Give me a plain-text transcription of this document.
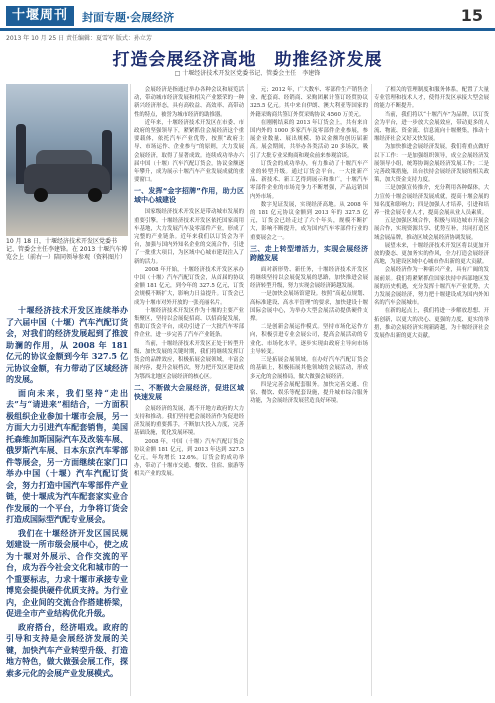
十堰周刊	封面专题·会展经济	15
2013 年 10 月 25 日 责任编辑：夏雪军 版式：孙立芳
打造会展经济高地　助推经济发展
□ 十堰经济技术开发区党委书记、管委会主任　李建锋
10 月 18 日，十堰经济技术开发区党委书记、管委会主任李建锋。在 2013 十堰汽车博览会上（前右一）陪同领导参观（资料图片）

十堰经济技术开发区连续举办了六届中国（十堰）汽车汽配订货会，对我们的经济发展起到了推波助澜的作用，从 2008 年 181 亿元的协议金额到今年 327.5 亿元协议金额，有力带动了区域经济的发展。

面向未来，我们坚持“走出去”与“请进来”相结合，一方面积极组织企业参加十堰市会展，另一方面大力引进汽车配套销售，美国托森维加斯国际汽车及改装车展、俄罗斯汽车展、日本东京汽车零部件等展会，另一方面继续在家门口举办中国（十堰）汽车汽配订货会，努力打造中国汽车零部件产业链，使十堰成为汽车配套家实业合作发展的一个平台，力争将订货会打造成国际型汽配专业展会。

我们在十堰经济开发区国民规划建设一所市级会展中心，使之成为十堰对外展示、合作交流的平台，成为吞今社会文化和城市的一个重要标志，力求十堰市承接专业博览会提供硬件优质支持。为行业内，企业间的交流合作搭建桥梁，促进全市产业结构优化升级。

政府搭台，经济唱戏。政府的引导和支持是会展经济发展的关键，加快汽车产业转型升级、打造地方特色，做大做强会展工作，探索多元化的会展产业发展模式。

会展经济是指通过举办各种会议和展览活动，带动城市经济发展和相关产业繁荣的一种新兴经济形态，具有高收益、高效率、高带动性的特点，被誉为城市经济的助推器。

近年来，十堰经济技术开发区在市委、市政府的坚强领导下，紧紧抓住会展经济这个重要载体，依托汽车产业优势，按照“政府主导、市场运作、企业参与”的原则，大力发展会展经济，取得了显著成效。连续成功举办六届中国（十堰）汽车汽配订货会，协议金额逐年攀升，成为展示十堰汽车产业发展成就的重要窗口。

一、发挥“金字招牌”作用，助力区域中心城建设

国家级经济技术开发区是带动城市发展的重要引擎。十堰经济技术开发区依托国家商用车基地，大力发展汽车及零部件产业，形成了完整的产业链条。近年来我们以订货会为平台，加强与国内外知名企业的交流合作，引进了一批重大项目，为区域中心城市建设注入了新的活力。

2008 年开始，十堰经济技术开发区承办中国（十堰）汽车汽配订货会，从首届的协议金额 181 亿元，到今年的 327.5 亿元，订货会规模不断扩大，影响力日益提升。订货会已成为十堰市对外开放的一张亮丽名片。

十堰经济技术开发区作为十堰的主要产业集聚区，坚持以会展促招商、以招商促发展，借助订货会平台，成功引进了一大批汽车零部件企业，进一步完善了汽车产业链条。

当前，十堰经济技术开发区正处于转型升级、加快发展的关键时期，我们将继续发挥订货会的品牌效应，积极拓展会展领域，丰富会展内容，提升会展档次，努力把开发区建设成为鄂西北地区会展经济的核心区。

二、不断做大会展经济，促进区域快速发展

会展经济的发展，离不开地方政府的大力支持和推动。我们坚持把会展经济作为促进经济发展的重要抓手，不断加大投入力度，完善基础设施，优化发展环境。

2008 年，中国（十堰）汽车汽配订货会协议金额 181 亿元，到 2013 年达到 327.5 亿元，年均增长 12.6%。订货会的成功举办，带动了十堰市交通、餐饮、住宿、旅游等相关产业的发展。

元；2012 年，广大数车、零部件生产销售企业、配套商、经销商、采购团累计签订经贸协议 325.5 亿元。其中来自伊朗、澳大利亚等国家的外籍采购商共签订外贸采购协议 4560 万美元。

在刚刚结束的 2013 年订货会上，共有来自国内外的 1000 多家汽车及零部件企业参展，参展企业数量、展出规模、协议金额均创历届新高。展会期间，共举办各类活动 20 多场次，吸引了大批专业采购商和观众前来参观洽谈。

订货会的成功举办，有力推动了十堰汽车产业的转型升级。通过订货会平台，一大批新产品、新技术、新工艺得到展示和推广，十堰汽车零部件企业的市场竞争力不断增强，产品远销国内外市场。

数字见证发展，实现经济高地。从 2008 年的 181 亿元协议金额到 2013 年的 327.5 亿元，订货会已经走过了六个年头，规模不断扩大，影响不断提升，成为国内汽车零部件行业的重要展会之一。

三、走上转型增活力，实现会展经济跨越发展

面对新形势、新任务，十堰经济技术开发区将继续坚持以会展促发展的思路，加快推进会展经济转型升级，努力实现会展经济跨越发展。

一是加快会展场馆建设。按照“高起点规划、高标准建设、高水平管理”的要求，加快建设十堰国际会展中心，为举办大型会展活动提供硬件支撑。

二是创新会展运作模式。坚持市场化运作方向，积极引进专业会展公司，提高会展活动的专业化、市场化水平，逐步实现由政府主导向市场主导转变。

三是拓展会展领域。在办好汽车汽配订货会的基础上，积极拓展其他领域的会展活动，形成多元化的会展格局，做大做强会展经济。

四是完善会展配套服务。加快完善交通、住宿、餐饮、娱乐等配套设施，提升城市综合服务功能，为会展经济发展营造良好环境。

了相关的管理制度和服务体系，配置了大量专业管理和技术人才，使得开发区承接大型会展的能力不断提升。

当前，我们将以“十堰汽车”为品牌，以订货会为平台，进一步放大会展效应，带动更多的人流、物流、资金流、信息流向十堰聚集，推动十堰经济社会又好又快发展。

为加快推进会展经济发展，我们将重点做好以下工作：一是加强组织领导，成立会展经济发展领导小组，统筹协调会展经济发展工作；二是完善政策措施，出台扶持会展经济发展的相关政策，加大资金支持力度。

三是加强宣传推介，充分利用各种媒体，大力宣传十堰会展经济发展成就，提高十堰会展的知名度和影响力；四是加强人才培养，引进和培养一批会展专业人才，提高会展从业人员素质。

五是加强区域合作，积极与周边城市开展会展合作，实现资源共享、优势互补，共同打造区域会展品牌，推动区域会展经济协调发展。

展望未来，十堰经济技术开发区将以更加开放的姿态、更加务实的作风，全力打造会展经济高地，为建设区域中心城市作出新的更大贡献。

会展经济作为一种新兴产业，具有广阔的发展前景。我们将紧紧抓住国家扶持中西部地区发展的历史机遇，充分发挥十堰汽车产业优势，大力发展会展经济，努力把十堰建设成为国内外知名的汽车会展城市。

在新的起点上，我们将进一步解放思想、开拓创新，以更大的决心、更强的力度、更实的举措，推动会展经济实现新跨越，为十堰经济社会发展作出新的更大贡献。
